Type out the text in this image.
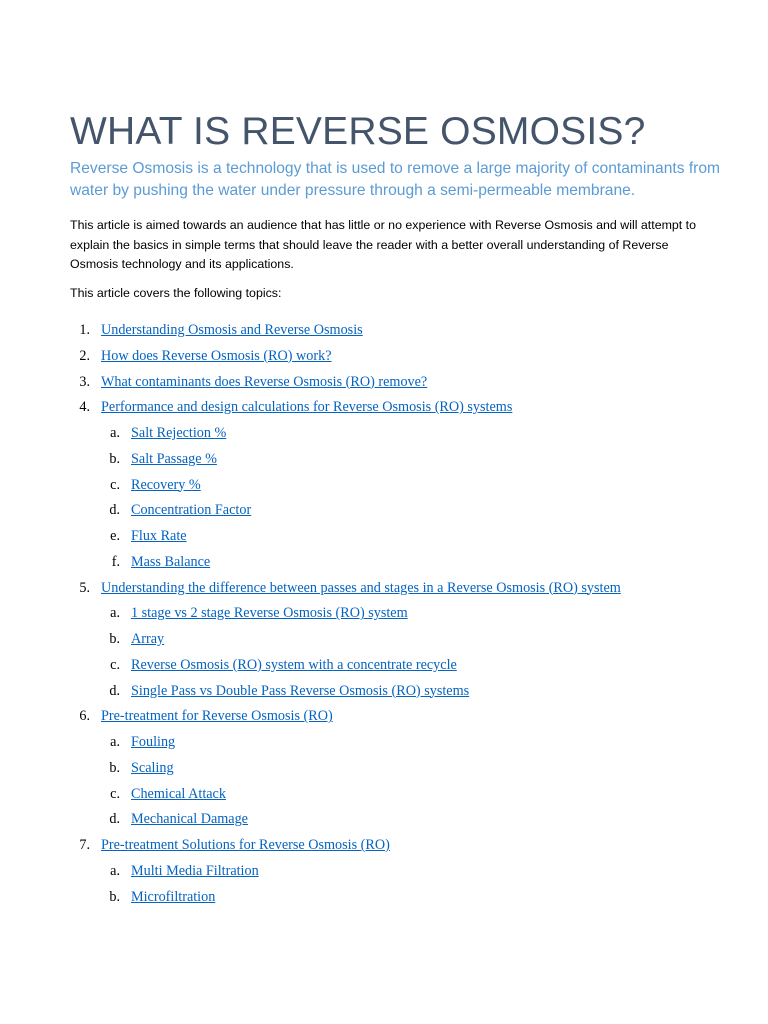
WHAT IS REVERSE OSMOSIS?

Reverse Osmosis is a technology that is used to remove a large majority of contaminants from water by pushing the water under pressure through a semi-permeable membrane.

This article is aimed towards an audience that has little or no experience with Reverse Osmosis and will attempt to explain the basics in simple terms that should leave the reader with a better overall understanding of Reverse Osmosis technology and its applications.

This article covers the following topics:

1. Understanding Osmosis and Reverse Osmosis
2. How does Reverse Osmosis (RO) work?
3. What contaminants does Reverse Osmosis (RO) remove?
4. Performance and design calculations for Reverse Osmosis (RO) systems
a. Salt Rejection %
b. Salt Passage %
c. Recovery %
d. Concentration Factor
e. Flux Rate
f. Mass Balance
5. Understanding the difference between passes and stages in a Reverse Osmosis (RO) system
a. 1 stage vs 2 stage Reverse Osmosis (RO) system
b. Array
c. Reverse Osmosis (RO) system with a concentrate recycle
d. Single Pass vs Double Pass Reverse Osmosis (RO) systems
6. Pre-treatment for Reverse Osmosis (RO)
a. Fouling
b. Scaling
c. Chemical Attack
d. Mechanical Damage
7. Pre-treatment Solutions for Reverse Osmosis (RO)
a. Multi Media Filtration
b. Microfiltration
